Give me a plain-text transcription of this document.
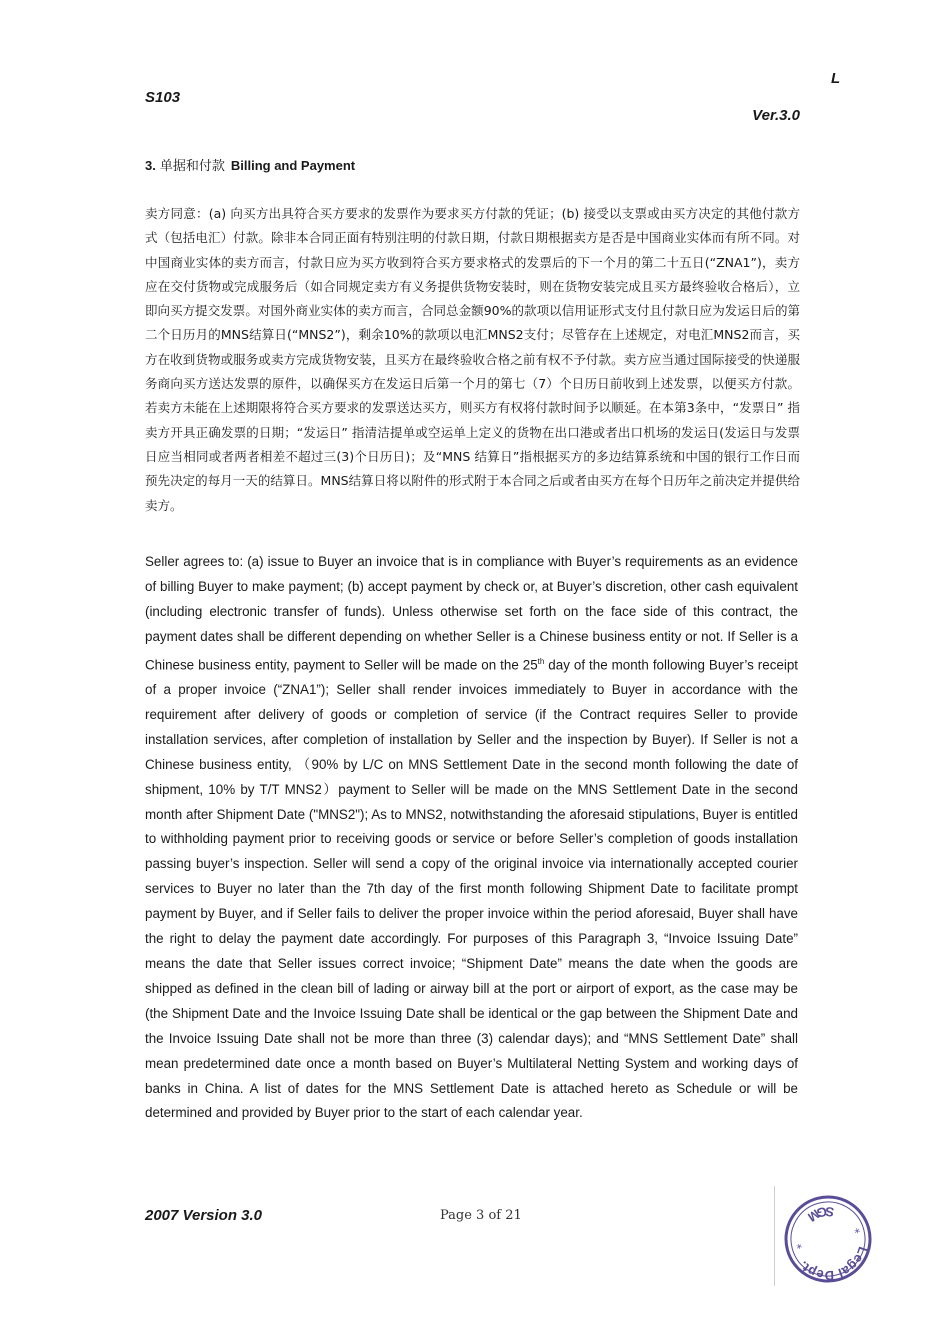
L
S103
Ver.3.0
3. 单据和付款 Billing and Payment

卖方同意：(a) 向买方出具符合买方要求的发票作为要求买方付款的凭证；(b) 接受以支票或由买方决定的其他付款方式（包括电汇）付款。除非本合同正面有特别注明的付款日期，付款日期根据卖方是否是中国商业实体而有所不同。对中国商业实体的卖方而言，付款日应为买方收到符合买方要求格式的发票后的下一个月的第二十五日(“ZNA1”)，卖方应在交付货物或完成服务后（如合同规定卖方有义务提供货物安装时，则在货物安装完成且买方最终验收合格后），立即向买方提交发票。对国外商业实体的卖方而言，合同总金额90%的款项以信用证形式支付且付款日应为发运日后的第二个日历月的MNS结算日(“MNS2”)，剩余10%的款项以电汇MNS2支付；尽管存在上述规定，对电汇MNS2而言，买方在收到货物或服务或卖方完成货物安装，且买方在最终验收合格之前有权不予付款。卖方应当通过国际接受的快递服务商向买方送达发票的原件，以确保买方在发运日后第一个月的第七（7）个日历日前收到上述发票，以便买方付款。若卖方未能在上述期限将符合买方要求的发票送达买方，则买方有权将付款时间予以顺延。在本第3条中，“发票日” 指卖方开具正确发票的日期；“发运日” 指清洁提单或空运单上定义的货物在出口港或者出口机场的发运日(发运日与发票日应当相同或者两者相差不超过三(3)个日历日)；及“MNS 结算日”指根据买方的多边结算系统和中国的银行工作日而预先决定的每月一天的结算日。MNS结算日将以附件的形式附于本合同之后或者由买方在每个日历年之前决定并提供给卖方。

Seller agrees to: (a) issue to Buyer an invoice that is in compliance with Buyer’s requirements as an evidence of billing Buyer to make payment; (b) accept payment by check or, at Buyer’s discretion, other cash equivalent (including electronic transfer of funds). Unless otherwise set forth on the face side of this contract, the payment dates shall be different depending on whether Seller is a Chinese business entity or not. If Seller is a Chinese business entity, payment to Seller will be made on the 25th day of the month following Buyer’s receipt of a proper invoice (“ZNA1”); Seller shall render invoices immediately to Buyer in accordance with the requirement after delivery of goods or completion of service (if the Contract requires Seller to provide installation services, after completion of installation by Seller and the inspection by Buyer). If Seller is not a Chinese business entity, （90% by L/C on MNS Settlement Date in the second month following the date of shipment, 10% by T/T MNS2）payment to Seller will be made on the MNS Settlement Date in the second month after Shipment Date ("MNS2"); As to MNS2, notwithstanding the aforesaid stipulations, Buyer is entitled to withholding payment prior to receiving goods or service or before Seller’s completion of goods installation passing buyer’s inspection. Seller will send a copy of the original invoice via internationally accepted courier services to Buyer no later than the 7th day of the first month following Shipment Date to facilitate prompt payment by Buyer, and if Seller fails to deliver the proper invoice within the period aforesaid, Buyer shall have the right to delay the payment date accordingly. For purposes of this Paragraph 3, “Invoice Issuing Date” means the date that Seller issues correct invoice; “Shipment Date” means the date when the goods are shipped as defined in the clean bill of lading or airway bill at the port or airport of export, as the case may be (the Shipment Date and the Invoice Issuing Date shall be identical or the gap between the Shipment Date and the Invoice Issuing Date shall not be more than three (3) calendar days); and “MNS Settlement Date” shall mean predetermined date once a month based on Buyer’s Multilateral Netting System and working days of banks in China. A list of dates for the MNS Settlement Date is attached hereto as Schedule or will be determined and provided by Buyer prior to the start of each calendar year.

2007 Version 3.0	Page 3 of 21
Legal Dept.
SGM
*
*
